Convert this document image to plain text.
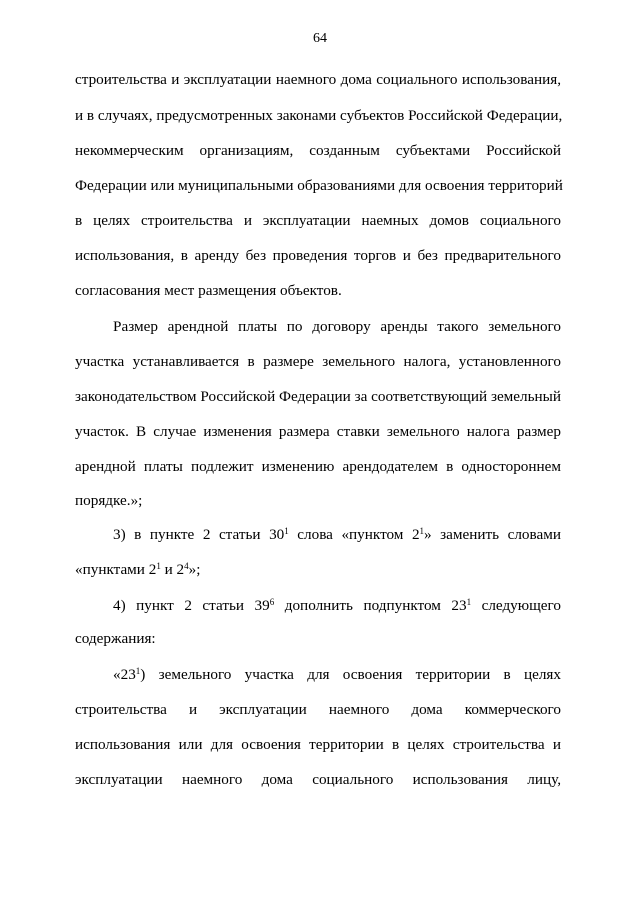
64
строительства и эксплуатации наемного дома социального использования,
и в случаях, предусмотренных законами субъектов Российской Федерации,
некоммерческим организациям, созданным субъектами Российской
Федерации или муниципальными образованиями для освоения территорий
в целях строительства и эксплуатации наемных домов социального
использования, в аренду без проведения торгов и без предварительного
согласования мест размещения объектов.
Размер арендной платы по договору аренды такого земельного
участка устанавливается в размере земельного налога, установленного
законодательством Российской Федерации за соответствующий земельный
участок. В случае изменения размера ставки земельного налога размер
арендной платы подлежит изменению арендодателем в одностороннем
порядке.»;
3) в пункте 2 статьи $30^1$ слова «пунктом $2^1$» заменить словами
«пунктами $2^1$ и $2^4$»;
4) пункт 2 статьи $39^6$ дополнить подпунктом $23^1$ следующего
содержания:
«$23^1$) земельного участка для освоения территории в целях
строительства и эксплуатации наемного дома коммерческого
использования или для освоения территории в целях строительства и
эксплуатации наемного дома социального использования лицу,
